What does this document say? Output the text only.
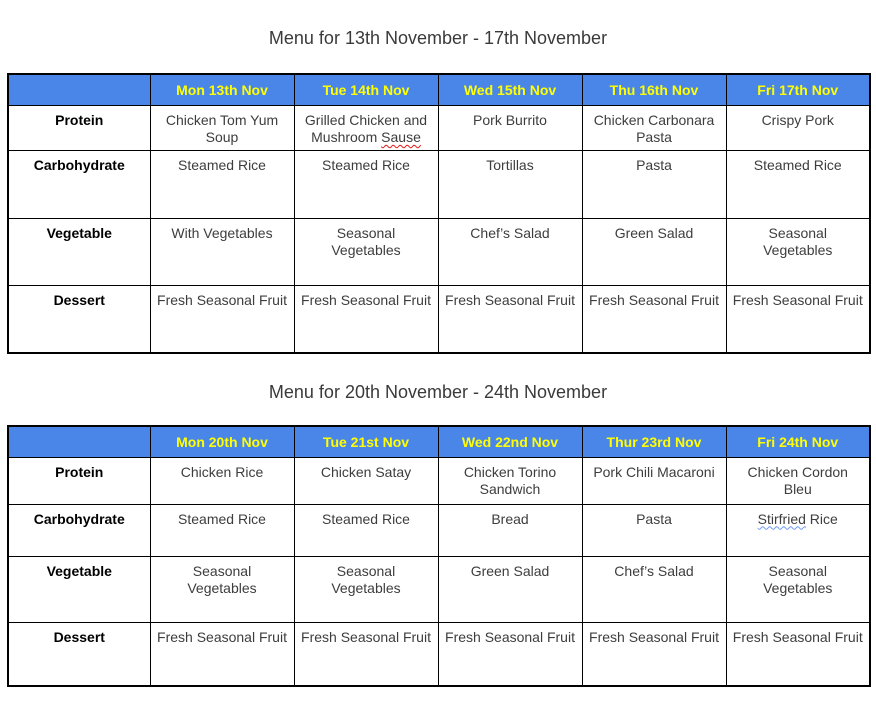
Menu for 13th November - 17th November
	Mon 13th Nov	Tue 14th Nov	Wed 15th Nov	Thu 16th Nov	Fri 17th Nov
Protein	Chicken Tom Yum Soup	Grilled Chicken and Mushroom Sause	Pork Burrito	Chicken Carbonara Pasta	Crispy Pork
Carbohydrate	Steamed Rice	Steamed Rice	Tortillas	Pasta	Steamed Rice
Vegetable	With Vegetables	Seasonal Vegetables	Chef’s Salad	Green Salad	Seasonal Vegetables
Dessert	Fresh Seasonal Fruit	Fresh Seasonal Fruit	Fresh Seasonal Fruit	Fresh Seasonal Fruit	Fresh Seasonal Fruit
Menu for 20th November - 24th November
	Mon 20th Nov	Tue 21st Nov	Wed 22nd Nov	Thur 23rd Nov	Fri 24th Nov
Protein	Chicken Rice	Chicken Satay	Chicken Torino Sandwich	Pork Chili Macaroni	Chicken Cordon Bleu
Carbohydrate	Steamed Rice	Steamed Rice	Bread	Pasta	Stirfried Rice
Vegetable	Seasonal Vegetables	Seasonal Vegetables	Green Salad	Chef’s Salad	Seasonal Vegetables
Dessert	Fresh Seasonal Fruit	Fresh Seasonal Fruit	Fresh Seasonal Fruit	Fresh Seasonal Fruit	Fresh Seasonal Fruit
